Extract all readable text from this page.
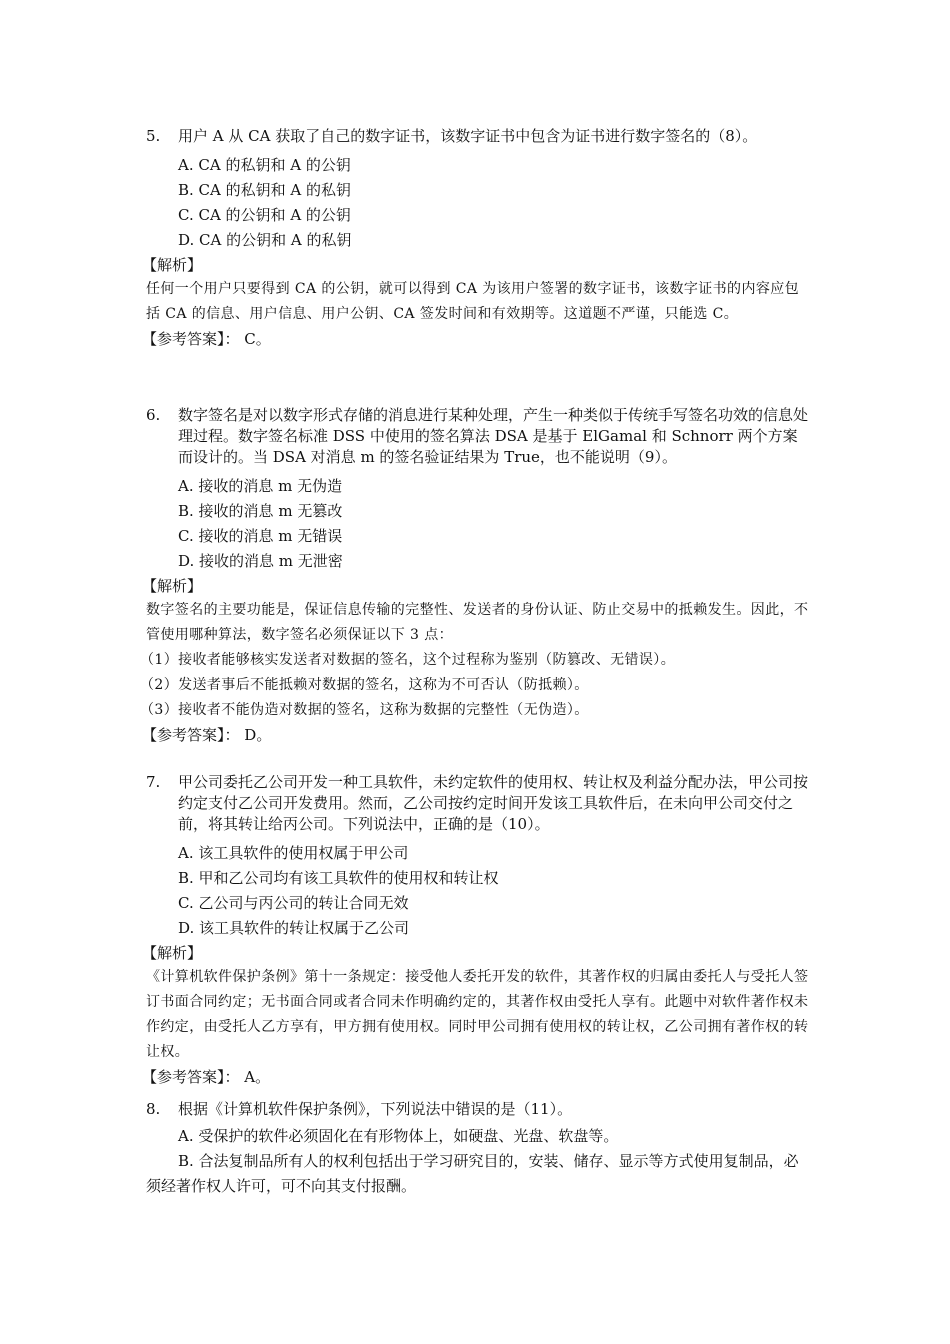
5.	用户 A 从 CA 获取了自己的数字证书，该数字证书中包含为证书进行数字签名的（8）。
A. CA 的私钥和 A 的公钥
B. CA 的私钥和 A 的私钥
C. CA 的公钥和 A 的公钥
D. CA 的公钥和 A 的私钥
【解析】
任何一个用户只要得到 CA 的公钥，就可以得到 CA 为该用户签署的数字证书，该数字证书的内容应包括 CA 的信息、用户信息、用户公钥、CA 签发时间和有效期等。这道题不严谨，只能选 C。
【参考答案】： C。
6.	数字签名是对以数字形式存储的消息进行某种处理，产生一种类似于传统手写签名功效的信息处理过程。数字签名标准 DSS 中使用的签名算法 DSA 是基于 ElGamal 和 Schnorr 两个方案而设计的。当 DSA 对消息 m 的签名验证结果为 True，也不能说明（9）。
A. 接收的消息 m 无伪造
B. 接收的消息 m 无篡改
C. 接收的消息 m 无错误
D. 接收的消息 m 无泄密
【解析】
数字签名的主要功能是，保证信息传输的完整性、发送者的身份认证、防止交易中的抵赖发生。因此，不管使用哪种算法，数字签名必须保证以下 3 点：
（1）接收者能够核实发送者对数据的签名，这个过程称为鉴别（防篡改、无错误）。
（2）发送者事后不能抵赖对数据的签名，这称为不可否认（防抵赖）。
（3）接收者不能伪造对数据的签名，这称为数据的完整性（无伪造）。
【参考答案】： D。
7.	甲公司委托乙公司开发一种工具软件，未约定软件的使用权、转让权及利益分配办法，甲公司按约定支付乙公司开发费用。然而，乙公司按约定时间开发该工具软件后，在未向甲公司交付之前，将其转让给丙公司。下列说法中，正确的是（10）。
A. 该工具软件的使用权属于甲公司
B. 甲和乙公司均有该工具软件的使用权和转让权
C. 乙公司与丙公司的转让合同无效
D. 该工具软件的转让权属于乙公司
【解析】
《计算机软件保护条例》第十一条规定：接受他人委托开发的软件，其著作权的归属由委托人与受托人签订书面合同约定；无书面合同或者合同未作明确约定的，其著作权由受托人享有。此题中对软件著作权未作约定，由受托人乙方享有，甲方拥有使用权。同时甲公司拥有使用权的转让权，乙公司拥有著作权的转让权。
【参考答案】： A。
8.	根据《计算机软件保护条例》，下列说法中错误的是（11）。
A. 受保护的软件必须固化在有形物体上，如硬盘、光盘、软盘等。
B. 合法复制品所有人的权利包括出于学习研究目的，安装、储存、显示等方式使用复制品，必须经著作权人许可，可不向其支付报酬。
